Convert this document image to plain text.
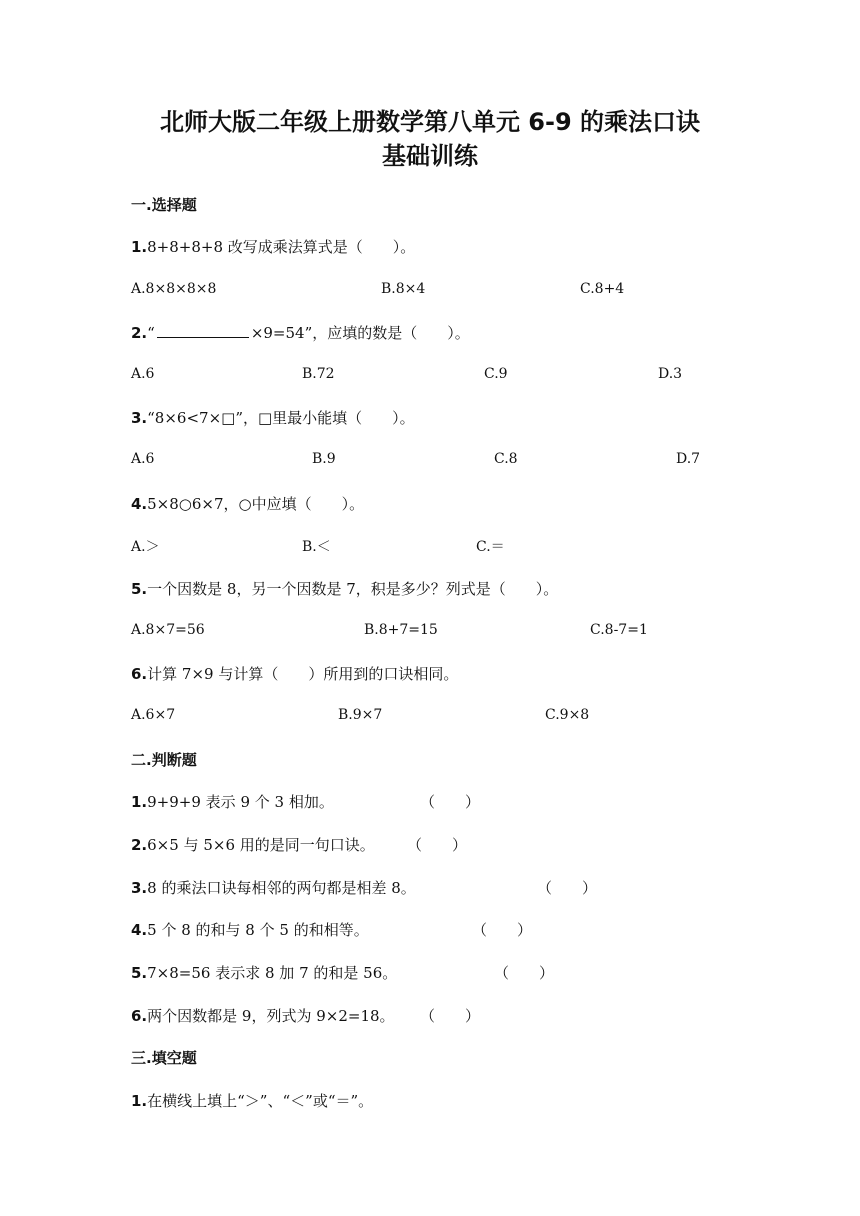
北师大版二年级上册数学第八单元 6-9 的乘法口诀
基础训练
一.选择题
1.8+8+8+8 改写成乘法算式是（　　）。
A.8×8×8×8	B.8×4	C.8+4
2.“	×9=54”，应填的数是（　　）。
A.6	B.72	C.9	D.3
3.“8×6<7×□”，□里最小能填（　　）。
A.6	B.9	C.8	D.7
4.5×8○6×7，○中应填（　　）。
A.＞	B.＜	C.＝
5.一个因数是 8，另一个因数是 7，积是多少？列式是（　　）。
A.8×7=56	B.8+7=15	C.8-7=1
6.计算 7×9 与计算（　　）所用到的口诀相同。
A.6×7	B.9×7	C.9×8
二.判断题
1.9+9+9 表示 9 个 3 相加。	（　　）
2.6×5 与 5×6 用的是同一句口诀。 （　　）
3.8 的乘法口诀每相邻的两句都是相差 8。	（　　）
4.5 个 8 的和与 8 个 5 的和相等。	（　　）
5.7×8=56 表示求 8 加 7 的和是 56。	（　　）
6.两个因数都是 9，列式为 9×2=18。 （　　）
三.填空题
1.在横线上填上“＞”、“＜”或“＝”。
